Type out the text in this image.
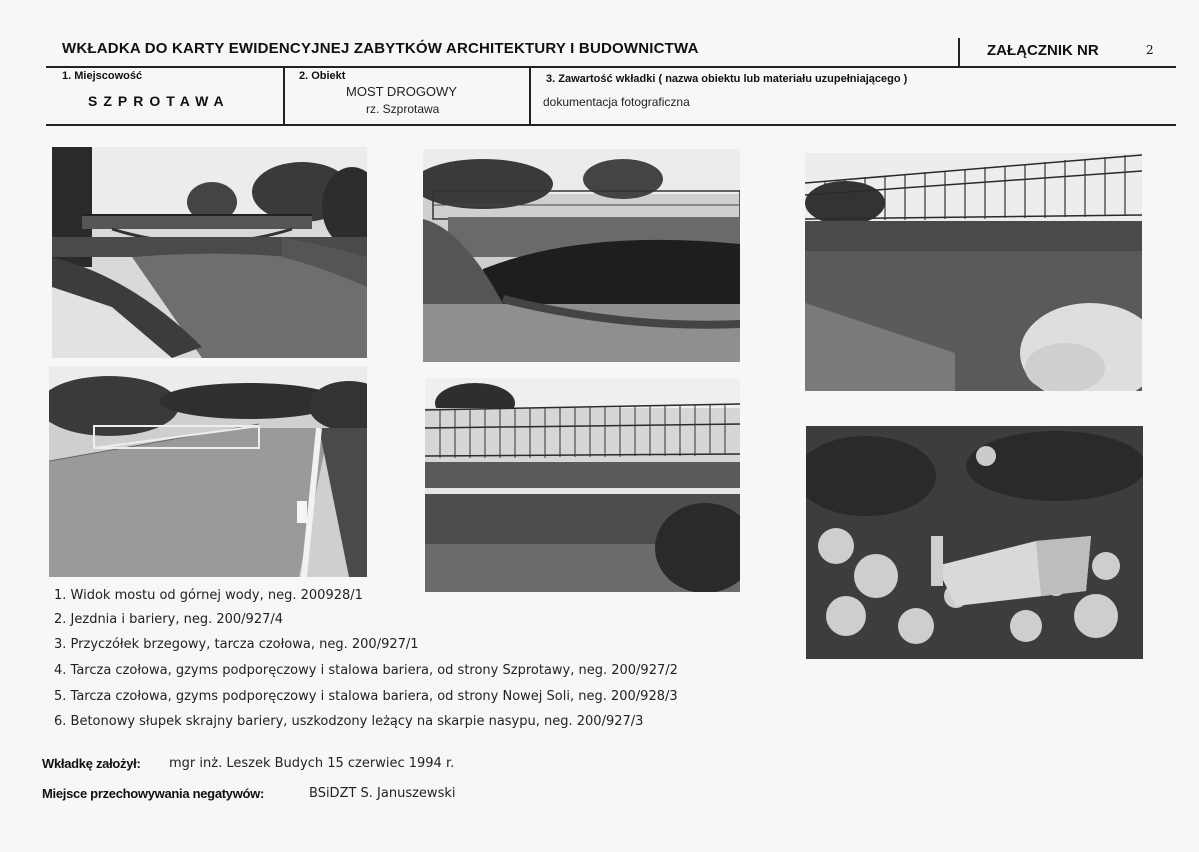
WKŁADKA DO KARTY EWIDENCYJNEJ ZABYTKÓW ARCHITEKTURY I BUDOWNICTWA	ZAŁĄCZNIK NR	2
1. Miejscowość
SZPROTAWA
2. Obiekt
MOST DROGOWY
rz. Szprotawa
3. Zawartość wkładki ( nazwa obiektu lub materiału uzupełniającego )
dokumentacja fotograficzna
1. Widok mostu od górnej wody, neg. 200928/1
2. Jezdnia i bariery, neg. 200/927/4
3. Przyczółek brzegowy, tarcza czołowa, neg. 200/927/1
4. Tarcza czołowa, gzyms podporęczowy i stalowa bariera, od strony Szprotawy, neg. 200/927/2
5. Tarcza czołowa, gzyms podporęczowy i stalowa bariera, od strony Nowej Soli, neg. 200/928/3
6. Betonowy słupek skrajny bariery, uszkodzony leżący na skarpie nasypu, neg. 200/927/3
Wkładkę założył: mgr inż. Leszek Budych 15 czerwiec 1994 r.
Miejsce przechowywania negatywów:	BSiDZT S. Januszewski
